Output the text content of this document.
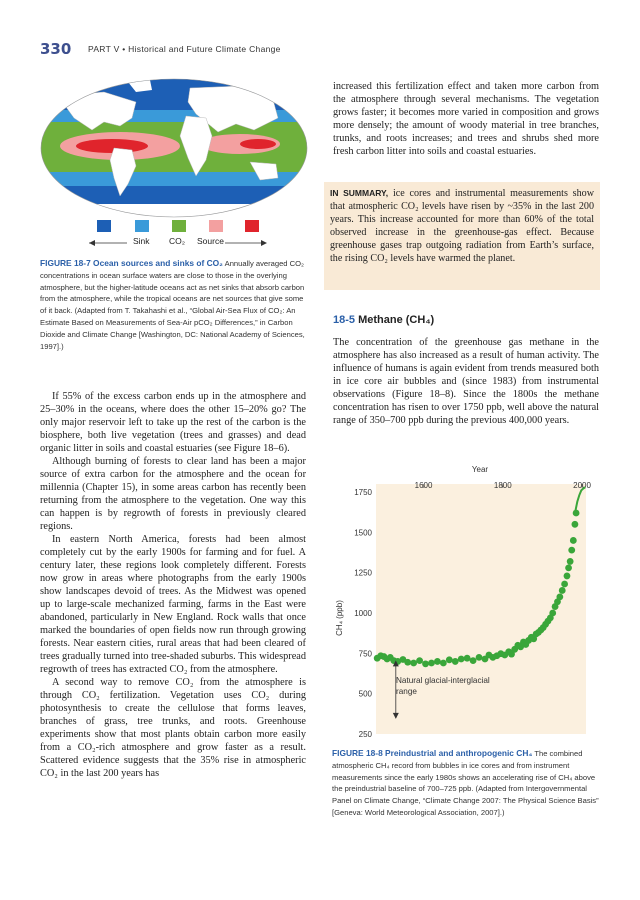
330 PART V • Historical and Future Climate Change
Sink CO₂ Source
FIGURE 18-7 Ocean sources and sinks of CO₂ Annually averaged CO₂ concentrations in ocean surface waters are close to those in the overlying atmosphere, but the higher-latitude oceans act as net sinks that absorb carbon from the atmosphere, while the tropical oceans are net sources that give some of it back. (Adapted from T. Takahashi et al., “Global Air-Sea Flux of CO₂: An Estimate Based on Measurements of Sea-Air pCO₂ Differences,” in Carbon Dioxide and Climate Change [Washington, DC: National Academy of Sciences, 1997].)

If 55% of the excess carbon ends up in the atmosphere and 25–30% in the oceans, where does the other 15–20% go? The only major reservoir left to take up the rest of the carbon is the biosphere, both live vegetation (trees and grasses) and dead organic litter in soils and coastal estuaries (see Figure 18–6).

Although burning of forests to clear land has been a major source of extra carbon for the atmosphere and the ocean for millennia (Chapter 15), in some areas carbon has recently been returning from the atmosphere to the vegetation. One way this can happen is by regrowth of forests in previously cleared regions.

In eastern North America, forests had been almost completely cut by the early 1900s for farming and for fuel. A century later, these regions look completely different. Forests now grow in areas where photographs from the early 1900s show landscapes devoid of trees. As the Midwest was opened up to large-scale mechanized farming, farms in the East were abandoned, particularly in New England. Rock walls that once marked the boundaries of open fields now run through growing forests. Near eastern cities, rural areas that had been cleared of trees gradually turned into tree-shaded suburbs. This widespread regrowth of trees has extracted CO₂ from the atmosphere.

A second way to remove CO₂ from the atmosphere is through CO₂ fertilization. Vegetation uses CO₂ during photosynthesis to create the cellulose that forms leaves, branches of grass, tree trunks, and roots. Greenhouse experiments show that most plants obtain carbon more easily from a CO₂-rich atmosphere and grow faster as a result. Scattered evidence suggests that the 35% rise in atmospheric CO₂ in the last 200 years has

increased this fertilization effect and taken more carbon from the atmosphere through several mechanisms. The vegetation grows faster; it becomes more varied in composition and grows more densely; the amount of woody material in tree branches, trunks, and roots increases; and trees and shrubs shed more fresh carbon litter into soils and coastal estuaries.

IN SUMMARY, ice cores and instrumental measurements show that atmospheric CO₂ levels have risen by ~35% in the last 200 years. This increase accounted for more than 60% of the total observed increase in the greenhouse-gas effect. Because greenhouse gases trap outgoing radiation from Earth’s surface, the rising CO₂ levels have warmed the planet.
18-5 Methane (CH₄)

The concentration of the greenhouse gas methane in the atmosphere has also increased as a result of human activity. The influence of humans is again evident from trends measured both in ice core air bubbles and (since 1983) from instrumental observations (Figure 18–8). Since the 1800s the methane concentration has risen to over 1750 ppb, well above the natural range of 350–700 ppb during the previous 400,000 years.

Year
CH₄ (ppb)
1600	1800	2000
250
500
750
1000
1250
1500
1750
Natural glacial-interglacial range
FIGURE 18-8 Preindustrial and anthropogenic CH₄ The combined atmospheric CH₄ record from bubbles in ice cores and from instrument measurements since the early 1980s shows an accelerating rise of CH₄ above the preindustrial baseline of 700–725 ppb. (Adapted from Intergovernmental Panel on Climate Change, “Climate Change 2007: The Physical Science Basis” [Geneva: World Meteorological Association, 2007].)
